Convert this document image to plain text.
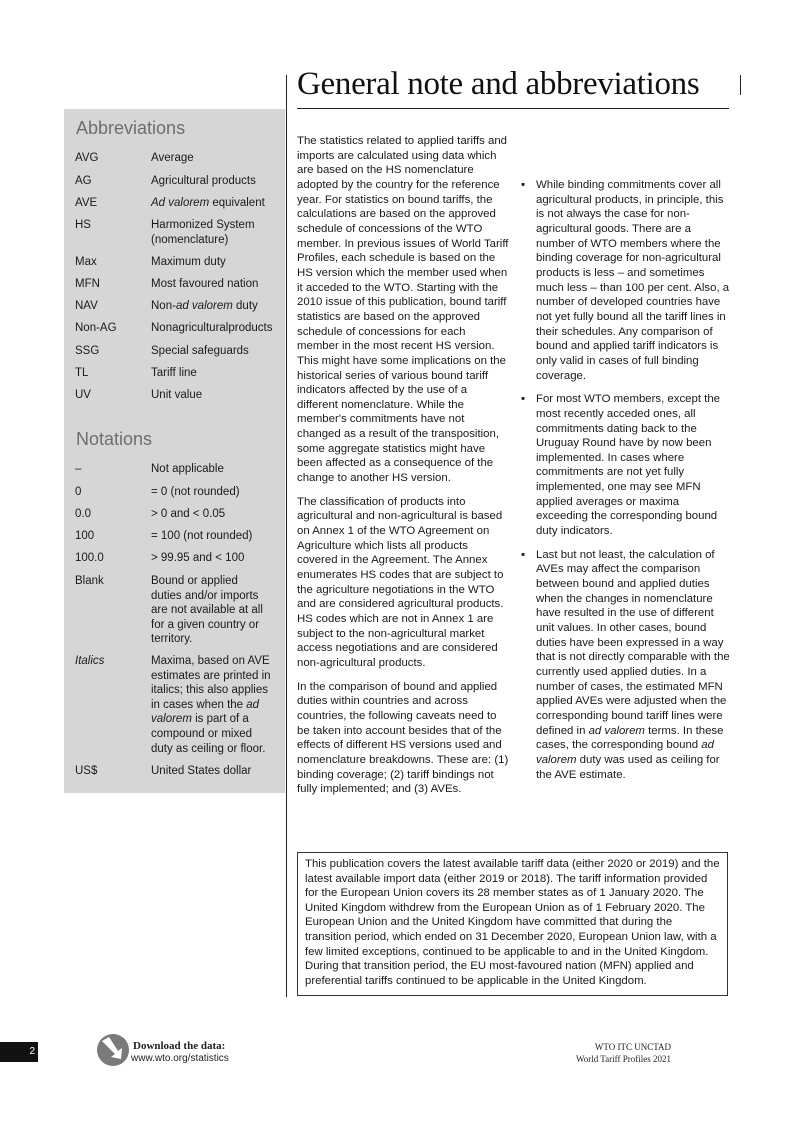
Abbreviations
AVG	Average
AG	Agricultural products
AVE	Ad valorem equivalent
HS	Harmonized System (nomenclature)
Max	Maximum duty
MFN	Most favoured nation
NAV	Non-ad valorem duty
Non-AG	Nonagriculturalproducts
SSG	Special safeguards
TL	Tariff line
UV	Unit value
Notations
–	Not applicable
0	= 0 (not rounded)
0.0	> 0 and < 0.05
100	= 100 (not rounded)
100.0	> 99.95 and < 100
Blank	Bound or applied duties and/or imports are not available at all for a given country or territory.
Italics	Maxima, based on AVE estimates are printed in italics; this also applies in cases when the ad valorem is part of a compound or mixed duty as ceiling or floor.
US$	United States dollar
General note and abbreviations

The statistics related to applied tariffs and imports are calculated using data which are based on the HS nomenclature adopted by the country for the reference year. For statistics on bound tariffs, the calculations are based on the approved schedule of concessions of the WTO member. In previous issues of World Tariff Profiles, each schedule is based on the HS version which the member used when it acceded to the WTO. Starting with the 2010 issue of this publication, bound tariff statistics are based on the approved schedule of concessions for each member in the most recent HS version. This might have some implications on the historical series of various bound tariff indicators affected by the use of a different nomenclature. While the member's commitments have not changed as a result of the transposition, some aggregate statistics might have been affected as a consequence of the change to another HS version.

The classification of products into agricultural and non-agricultural is based on Annex 1 of the WTO Agreement on Agriculture which lists all products covered in the Agreement. The Annex enumerates HS codes that are subject to the agriculture negotiations in the WTO and are considered agricultural products. HS codes which are not in Annex 1 are subject to the non-agricultural market access negotiations and are considered non-agricultural products.

In the comparison of bound and applied duties within countries and across countries, the following caveats need to be taken into account besides that of the effects of different HS versions used and nomenclature breakdowns. These are: (1) binding coverage; (2) tariff bindings not fully implemented; and (3) AVEs.

▪ While binding commitments cover all agricultural products, in principle, this is not always the case for non-agricultural goods. There are a number of WTO members where the binding coverage for non-agricultural products is less – and sometimes much less – than 100 per cent. Also, a number of developed countries have not yet fully bound all the tariff lines in their schedules. Any comparison of bound and applied tariff indicators is only valid in cases of full binding coverage.
▪ For most WTO members, except the most recently acceded ones, all commitments dating back to the Uruguay Round have by now been implemented. In cases where commitments are not yet fully implemented, one may see MFN applied averages or maxima exceeding the corresponding bound duty indicators.
▪ Last but not least, the calculation of AVEs may affect the comparison between bound and applied duties when the changes in nomenclature have resulted in the use of different unit values. In other cases, bound duties have been expressed in a way that is not directly comparable with the currently used applied duties. In a number of cases, the estimated MFN applied AVEs were adjusted when the corresponding bound tariff lines were defined in ad valorem terms. In these cases, the corresponding bound ad valorem duty was used as ceiling for the AVE estimate.
This publication covers the latest available tariff data (either 2020 or 2019) and the latest available import data (either 2019 or 2018). The tariff information provided for the European Union covers its 28 member states as of 1 January 2020. The United Kingdom withdrew from the European Union as of 1 February 2020. The European Union and the United Kingdom have committed that during the transition period, which ended on 31 December 2020, European Union law, with a few limited exceptions, continued to be applicable to and in the United Kingdom. During that transition period, the EU most-favoured nation (MFN) applied and preferential tariffs continued to be applicable in the United Kingdom.
2	Download the data:
www.wto.org/statistics
WTO ITC UNCTAD
World Tariff Profiles 2021
